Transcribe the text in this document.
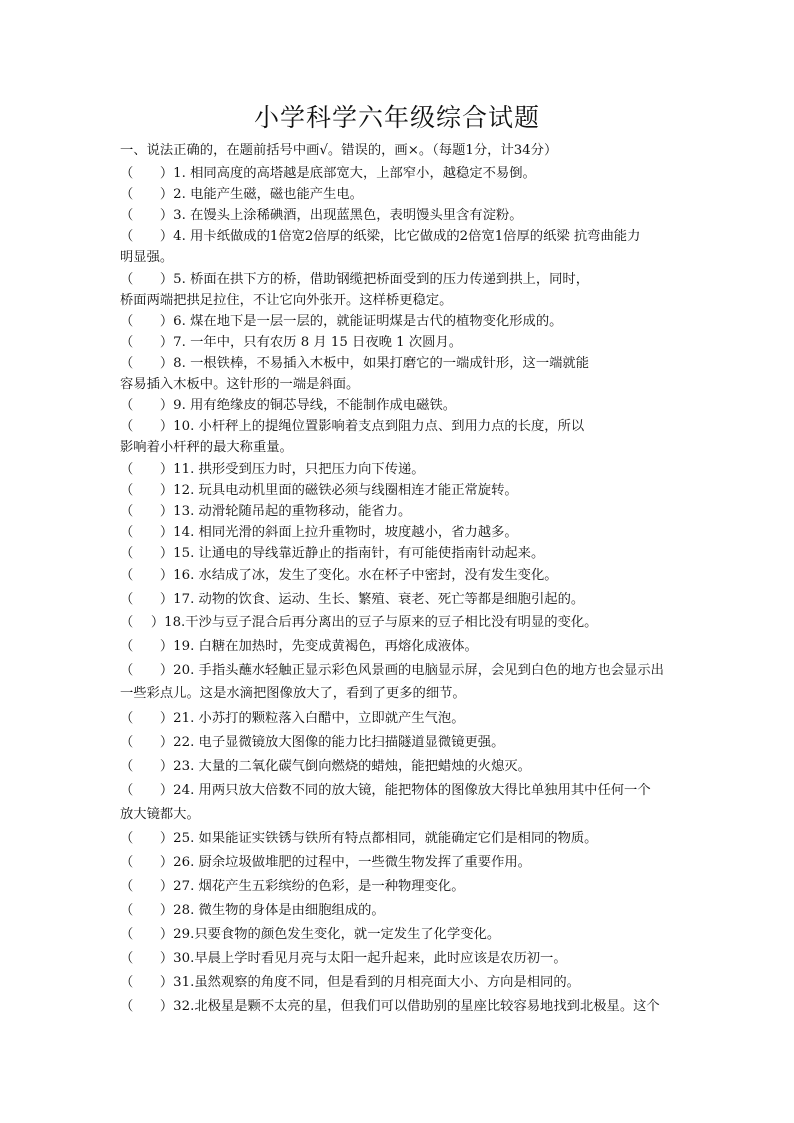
小学科学六年级综合试题
一、说法正确的，在题前括号中画√。错误的，画×。（每题1分，计34分）
（　　）1. 相同高度的高塔越是底部宽大，上部窄小，越稳定不易倒。
（　　）2. 电能产生磁，磁也能产生电。
（　　）3. 在馒头上涂稀碘酒，出现蓝黑色，表明馒头里含有淀粉。
（　　）4. 用卡纸做成的1倍宽2倍厚的纸梁，比它做成的2倍宽1倍厚的纸梁 抗弯曲能力
明显强。
（　　）5. 桥面在拱下方的桥，借助钢缆把桥面受到的压力传递到拱上，同时，
桥面两端把拱足拉住，不让它向外张开。这样桥更稳定。
（　　）6. 煤在地下是一层一层的，就能证明煤是古代的植物变化形成的。
（　　）7. 一年中，只有农历 8 月 15 日夜晚 1 次圆月。
（　　）8. 一根铁棒，不易插入木板中，如果打磨它的一端成针形，这一端就能
容易插入木板中。这针形的一端是斜面。
（　　）9. 用有绝缘皮的铜芯导线，不能制作成电磁铁。
（　　）10. 小杆秤上的提绳位置影响着支点到阻力点、到用力点的长度，所以
影响着小杆秤的最大称重量。
（　　）11. 拱形受到压力时，只把压力向下传递。
（　　）12. 玩具电动机里面的磁铁必须与线圈相连才能正常旋转。
（　　）13. 动滑轮随吊起的重物移动，能省力。
（　　）14. 相同光滑的斜面上拉升重物时，坡度越小，省力越多。
（　　）15. 让通电的导线靠近静止的指南针，有可能使指南针动起来。
（　　）16. 水结成了冰，发生了变化。水在杯子中密封，没有发生变化。
（　　）17. 动物的饮食、运动、生长、繁殖、衰老、死亡等都是细胞引起的。
（　 ）18.干沙与豆子混合后再分离出的豆子与原来的豆子相比没有明显的变化。
（　　）19. 白糖在加热时，先变成黄褐色，再熔化成液体。
（　　）20. 手指头蘸水轻触正显示彩色风景画的电脑显示屏，会见到白色的地方也会显示出
一些彩点儿。这是水滴把图像放大了，看到了更多的细节。
（　　）21. 小苏打的颗粒落入白醋中，立即就产生气泡。
（　　）22. 电子显微镜放大图像的能力比扫描隧道显微镜更强。
（　　）23. 大量的二氧化碳气倒向燃烧的蜡烛，能把蜡烛的火熄灭。
（　　）24. 用两只放大倍数不同的放大镜，能把物体的图像放大得比单独用其中任何一个
放大镜都大。
（　　）25. 如果能证实铁锈与铁所有特点都相同，就能确定它们是相同的物质。
（　　）26. 厨余垃圾做堆肥的过程中，一些微生物发挥了重要作用。
（　　）27. 烟花产生五彩缤纷的色彩，是一种物理变化。
（　　）28. 微生物的身体是由细胞组成的。
（　　）29.只要食物的颜色发生变化，就一定发生了化学变化。
（　　）30.早晨上学时看见月亮与太阳一起升起来，此时应该是农历初一。
（　　）31.虽然观察的角度不同，但是看到的月相亮面大小、方向是相同的。
（　　）32.北极星是颗不太亮的星，但我们可以借助别的星座比较容易地找到北极星。这个
